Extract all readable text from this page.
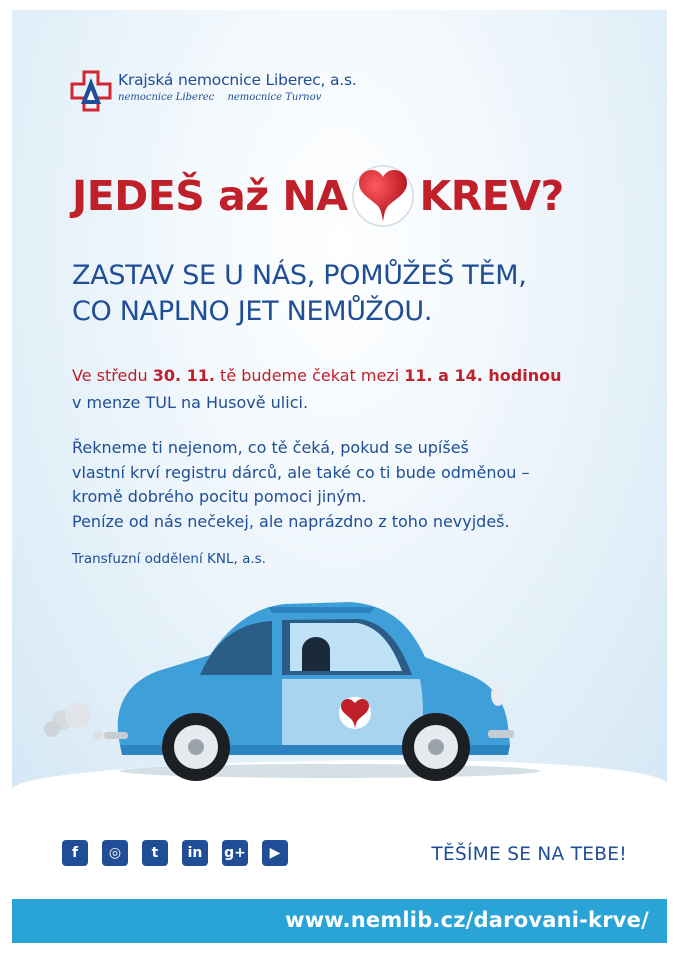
Krajská nemocnice Liberec, a.s.
nemocnice Liberec nemocnice Turnov
JEDEŠ až NA KREV?
ZASTAV SE U NÁS, POMŮŽEŠ TĚM,
CO NAPLNO JET NEMŮŽOU.
Ve středu 30. 11. tě budeme čekat mezi 11. a 14. hodinou
v menze TUL na Husově ulici.
Řekneme ti nejenom, co tě čeká, pokud se upíšeš
vlastní krví registru dárců, ale také co ti bude odměnou –
kromě dobrého pocitu pomoci jiným.
Peníze od nás nečekej, ale naprázdno z toho nevyjdeš.
Transfuzní oddělení KNL, a.s.
f	◎	t	in	g+	▶	TĚŠÍME SE NA TEBE!
www.nemlib.cz/darovani-krve/
